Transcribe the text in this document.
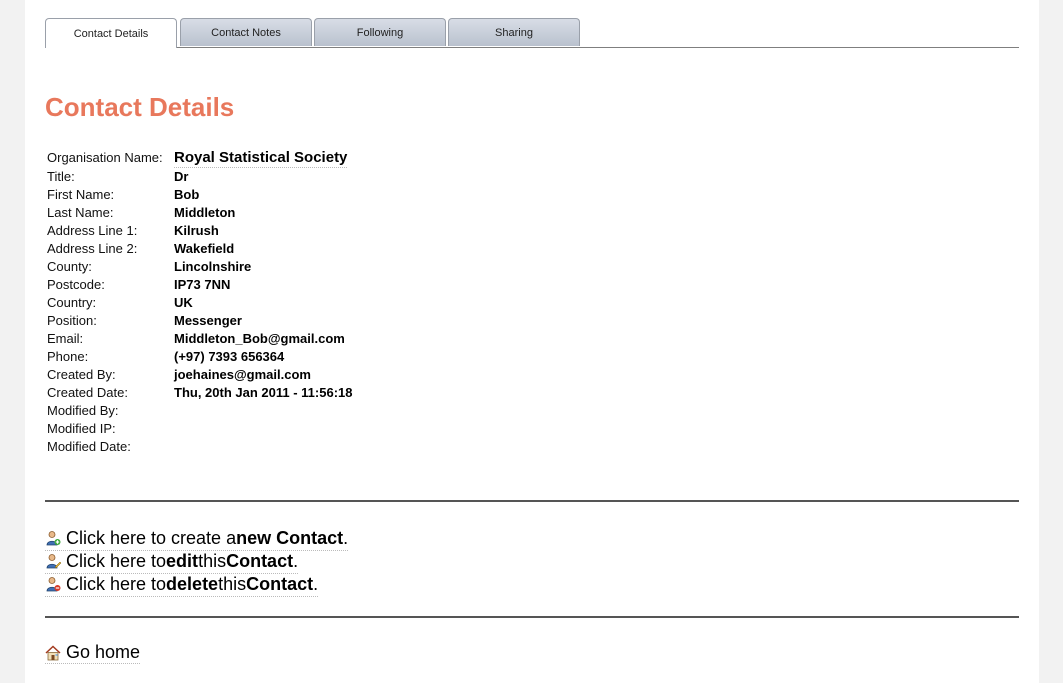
Contact Details	Contact Notes	Following	Sharing
Contact Details
Organisation Name: Royal Statistical Society
Title:	Dr
First Name:	Bob
Last Name:	Middleton
Address Line 1:	Kilrush
Address Line 2:	Wakefield
County:	Lincolnshire
Postcode:	IP73 7NN
Country:	UK
Position:	Messenger
Email:	Middleton_Bob@gmail.com
Phone:	(+97) 7393 656364
Created By:	joehaines@gmail.com
Created Date:	Thu, 20th Jan 2011 - 11:56:18
Modified By:
Modified IP:
Modified Date:
Click here to create a new Contact .
Click here to edit this Contact .
Click here to delete this Contact .
Go home
